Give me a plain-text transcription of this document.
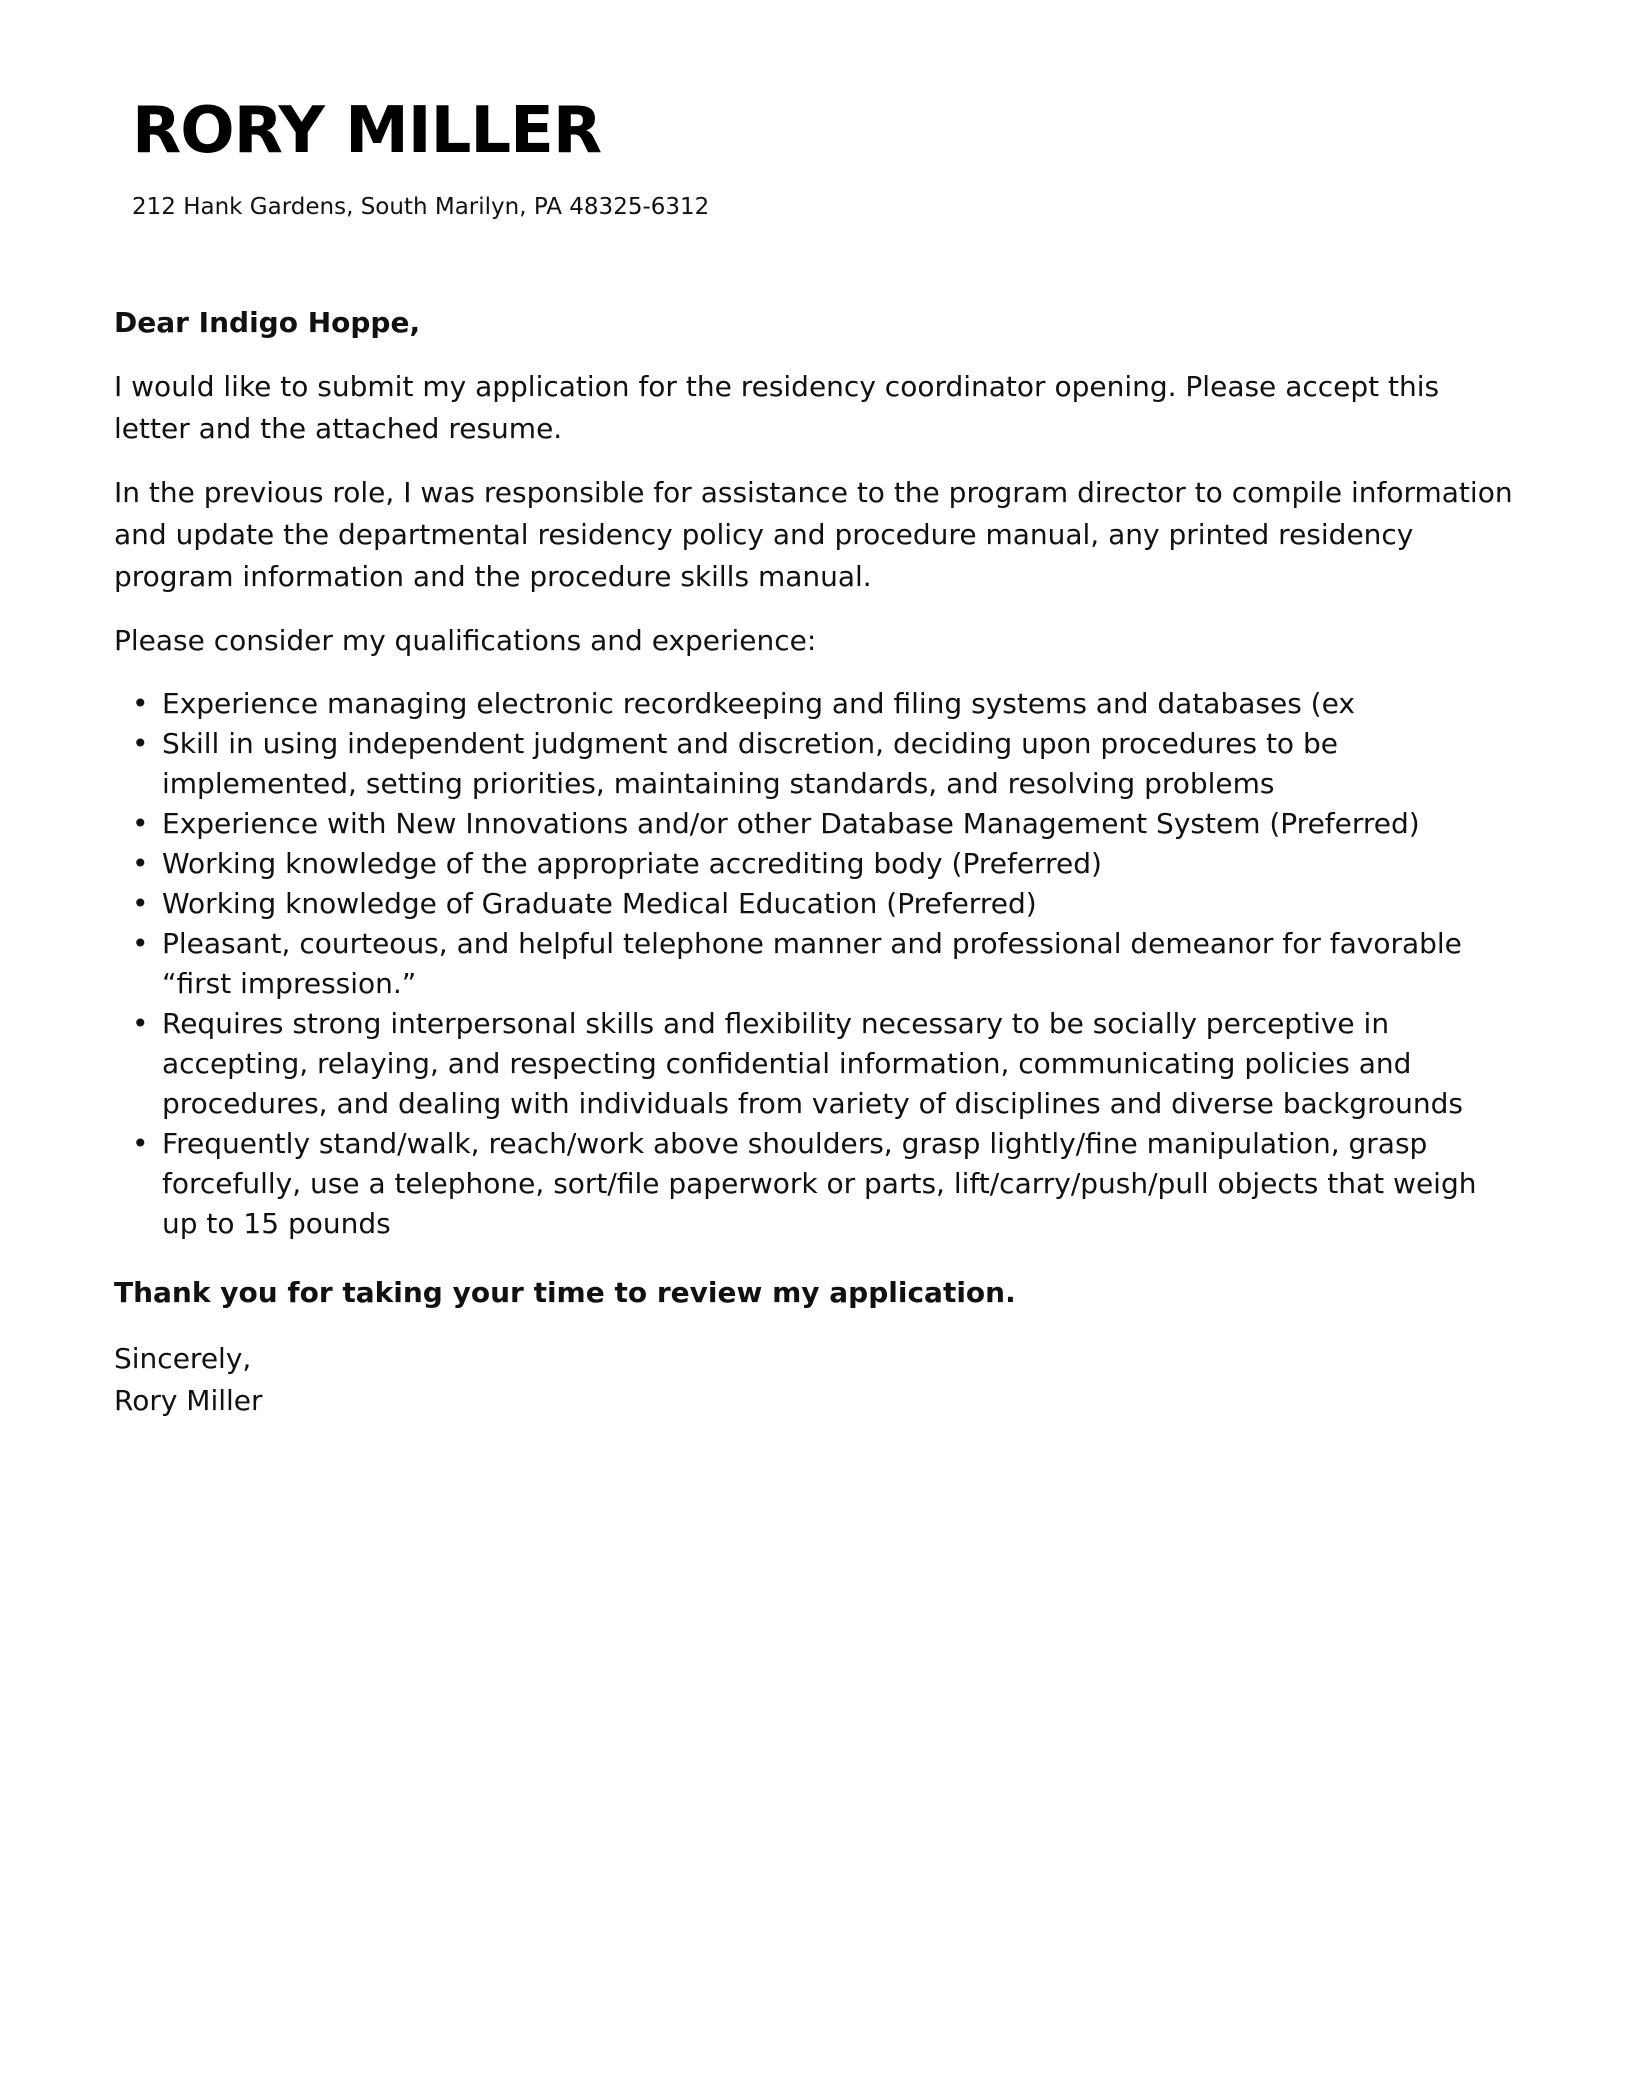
RORY MILLER
212 Hank Gardens, South Marilyn, PA 48325-6312

Dear Indigo Hoppe,

I would like to submit my application for the residency coordinator opening. Please accept this letter and the attached resume.

In the previous role, I was responsible for assistance to the program director to compile information and update the departmental residency policy and procedure manual, any printed residency program information and the procedure skills manual.

Please consider my qualifications and experience:

• Experience managing electronic recordkeeping and filing systems and databases (ex
• Skill in using independent judgment and discretion, deciding upon procedures to be implemented, setting priorities, maintaining standards, and resolving problems
• Experience with New Innovations and/or other Database Management System (Preferred)
• Working knowledge of the appropriate accrediting body (Preferred)
• Working knowledge of Graduate Medical Education (Preferred)
• Pleasant, courteous, and helpful telephone manner and professional demeanor for favorable “first impression.”
• Requires strong interpersonal skills and flexibility necessary to be socially perceptive in accepting, relaying, and respecting confidential information, communicating policies and procedures, and dealing with individuals from variety of disciplines and diverse backgrounds
• Frequently stand/walk, reach/work above shoulders, grasp lightly/fine manipulation, grasp forcefully, use a telephone, sort/file paperwork or parts, lift/carry/push/pull objects that weigh up to 15 pounds

Thank you for taking your time to review my application.

Sincerely,

Rory Miller
